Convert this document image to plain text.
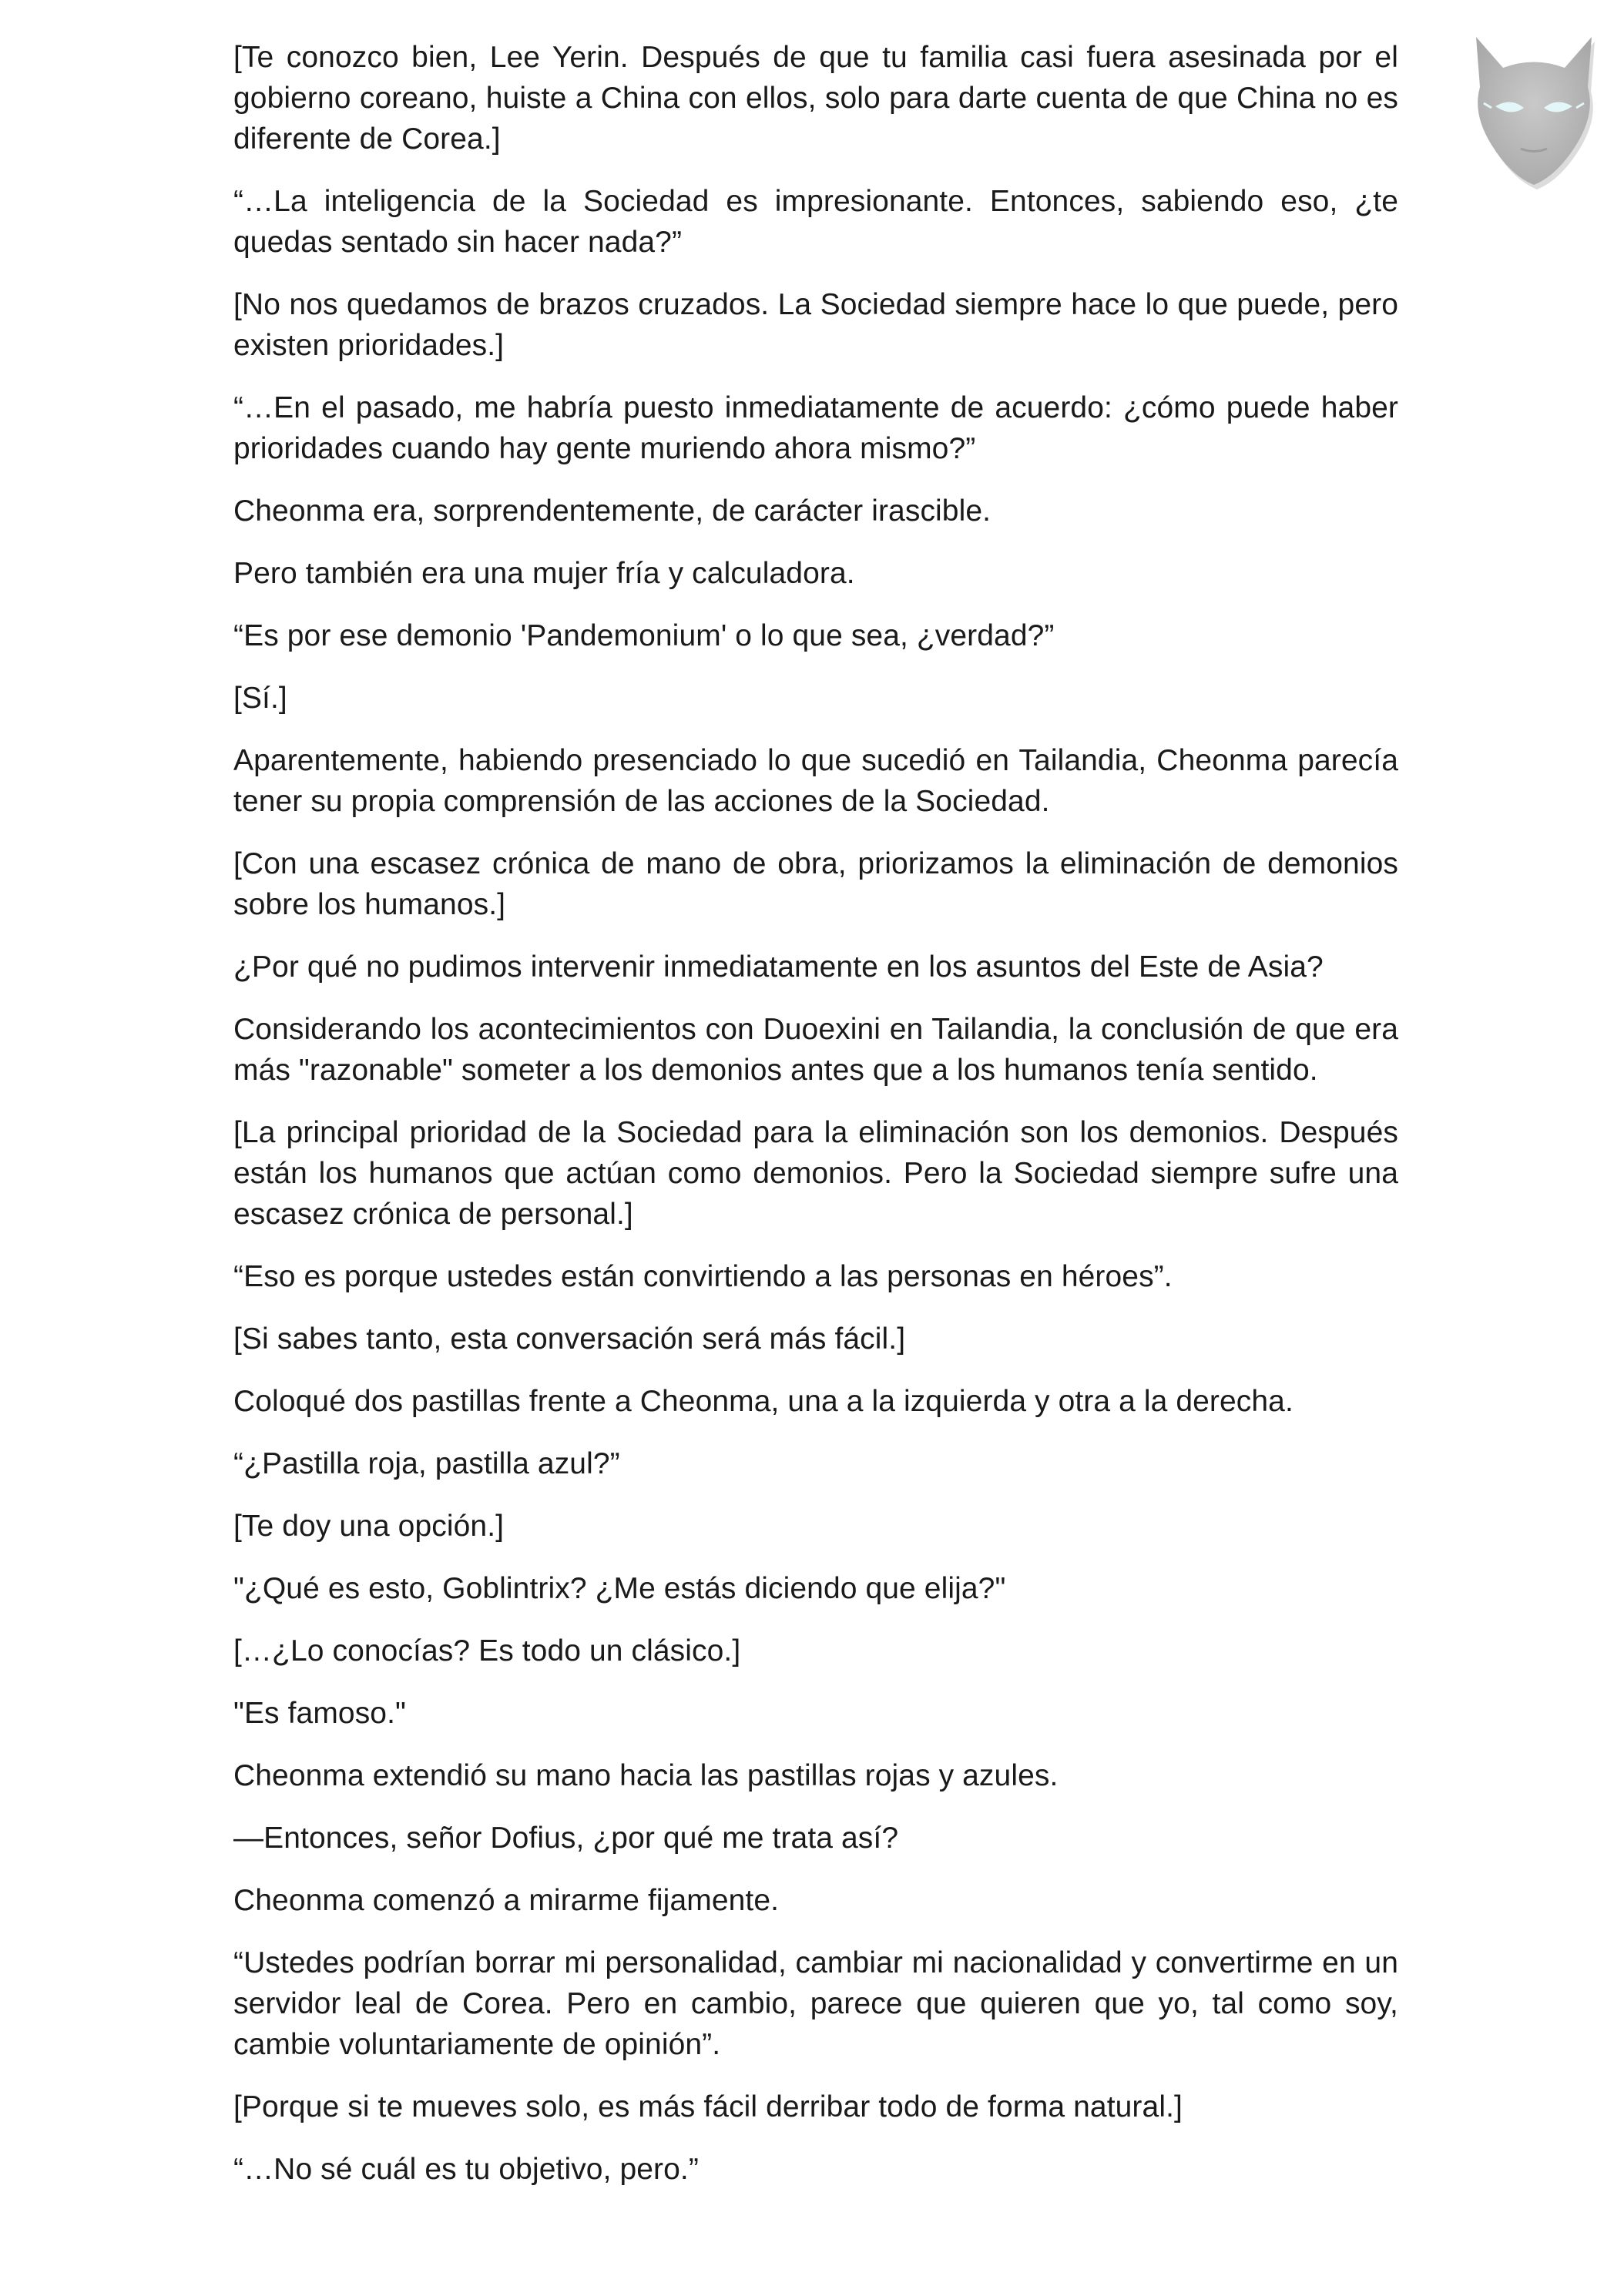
[Te conozco bien, Lee Yerin. Después de que tu familia casi fuera asesinada por el gobierno coreano, huiste a China con ellos, solo para darte cuenta de que China no es diferente de Corea.]

“…La inteligencia de la Sociedad es impresionante. Entonces, sabiendo eso, ¿te quedas sentado sin hacer nada?”

[No nos quedamos de brazos cruzados. La Sociedad siempre hace lo que puede, pero existen prioridades.]

“…En el pasado, me habría puesto inmediatamente de acuerdo: ¿cómo puede haber prioridades cuando hay gente muriendo ahora mismo?”

Cheonma era, sorprendentemente, de carácter irascible.

Pero también era una mujer fría y calculadora.

“Es por ese demonio 'Pandemonium' o lo que sea, ¿verdad?”

[Sí.]

Aparentemente, habiendo presenciado lo que sucedió en Tailandia, Cheonma parecía tener su propia comprensión de las acciones de la Sociedad.

[Con una escasez crónica de mano de obra, priorizamos la eliminación de demonios sobre los humanos.]

¿Por qué no pudimos intervenir inmediatamente en los asuntos del Este de Asia?

Considerando los acontecimientos con Duoexini en Tailandia, la conclusión de que era más "razonable" someter a los demonios antes que a los humanos tenía sentido.

[La principal prioridad de la Sociedad para la eliminación son los demonios. Después están los humanos que actúan como demonios. Pero la Sociedad siempre sufre una escasez crónica de personal.]

“Eso es porque ustedes están convirtiendo a las personas en héroes”.

[Si sabes tanto, esta conversación será más fácil.]

Coloqué dos pastillas frente a Cheonma, una a la izquierda y otra a la derecha.

“¿Pastilla roja, pastilla azul?”

[Te doy una opción.]

"¿Qué es esto, Goblintrix? ¿Me estás diciendo que elija?"

[…¿Lo conocías? Es todo un clásico.]

"Es famoso."

Cheonma extendió su mano hacia las pastillas rojas y azules.

—Entonces, señor Dofius, ¿por qué me trata así?

Cheonma comenzó a mirarme fijamente.

“Ustedes podrían borrar mi personalidad, cambiar mi nacionalidad y convertirme en un servidor leal de Corea. Pero en cambio, parece que quieren que yo, tal como soy, cambie voluntariamente de opinión”.

[Porque si te mueves solo, es más fácil derribar todo de forma natural.]

“…No sé cuál es tu objetivo, pero.”
